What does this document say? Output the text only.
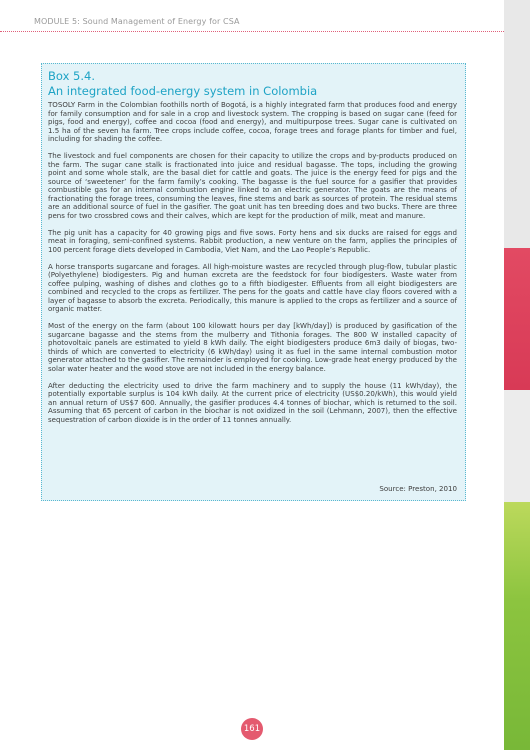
MODULE 5: Sound Management of Energy for CSA
Box 5.4.
An integrated food-energy system in Colombia

TOSOLY Farm in the Colombian foothills north of Bogotá, is a highly integrated farm that produces food and energy for family consumption and for sale in a crop and livestock system. The cropping is based on sugar cane (feed for pigs, food and energy), coffee and cocoa (food and energy), and multipurpose trees. Sugar cane is cultivated on 1.5 ha of the seven ha farm. Tree crops include coffee, cocoa, forage trees and forage plants for timber and fuel, including for shading the coffee.

The livestock and fuel components are chosen for their capacity to utilize the crops and by-products produced on the farm. The sugar cane stalk is fractionated into juice and residual bagasse. The tops, including the growing point and some whole stalk, are the basal diet for cattle and goats. The juice is the energy feed for pigs and the source of ‘sweetener’ for the farm family’s cooking. The bagasse is the fuel source for a gasifier that provides combustible gas for an internal combustion engine linked to an electric generator. The goats are the means of fractionating the forage trees, consuming the leaves, fine stems and bark as sources of protein. The residual stems are an additional source of fuel in the gasifier. The goat unit has ten breeding does and two bucks. There are three pens for two crossbred cows and their calves, which are kept for the production of milk, meat and manure.

The pig unit has a capacity for 40 growing pigs and five sows. Forty hens and six ducks are raised for eggs and meat in foraging, semi-confined systems. Rabbit production, a new venture on the farm, applies the principles of 100 percent forage diets developed in Cambodia, Viet Nam, and the Lao People’s Republic.

A horse transports sugarcane and forages. All high-moisture wastes are recycled through plug-flow, tubular plastic (Polyethylene) biodigesters. Pig and human excreta are the feedstock for four biodigesters. Waste water from coffee pulping, washing of dishes and clothes go to a fifth biodigester. Effluents from all eight biodigesters are combined and recycled to the crops as fertilizer. The pens for the goats and cattle have clay floors covered with a layer of bagasse to absorb the excreta. Periodically, this manure is applied to the crops as fertilizer and a source of organic matter.

Most of the energy on the farm (about 100 kilowatt hours per day [kWh/day]) is produced by gasification of the sugarcane bagasse and the stems from the mulberry and Tithonia forages. The 800 W installed capacity of photovoltaic panels are estimated to yield 8 kWh daily. The eight biodigesters produce 6m3 daily of biogas, two-thirds of which are converted to electricity (6 kWh/day) using it as fuel in the same internal combustion motor generator attached to the gasifier. The remainder is employed for cooking. Low-grade heat energy produced by the solar water heater and the wood stove are not included in the energy balance.

After deducting the electricity used to drive the farm machinery and to supply the house (11 kWh/day), the potentially exportable surplus is 104 kWh daily. At the current price of electricity (US$0.20/kWh), this would yield an annual return of US$7 600. Annually, the gasifier produces 4.4 tonnes of biochar, which is returned to the soil. Assuming that 65 percent of carbon in the biochar is not oxidized in the soil (Lehmann, 2007), then the effective sequestration of carbon dioxide is in the order of 11 tonnes annually.

Source: Preston, 2010
161
